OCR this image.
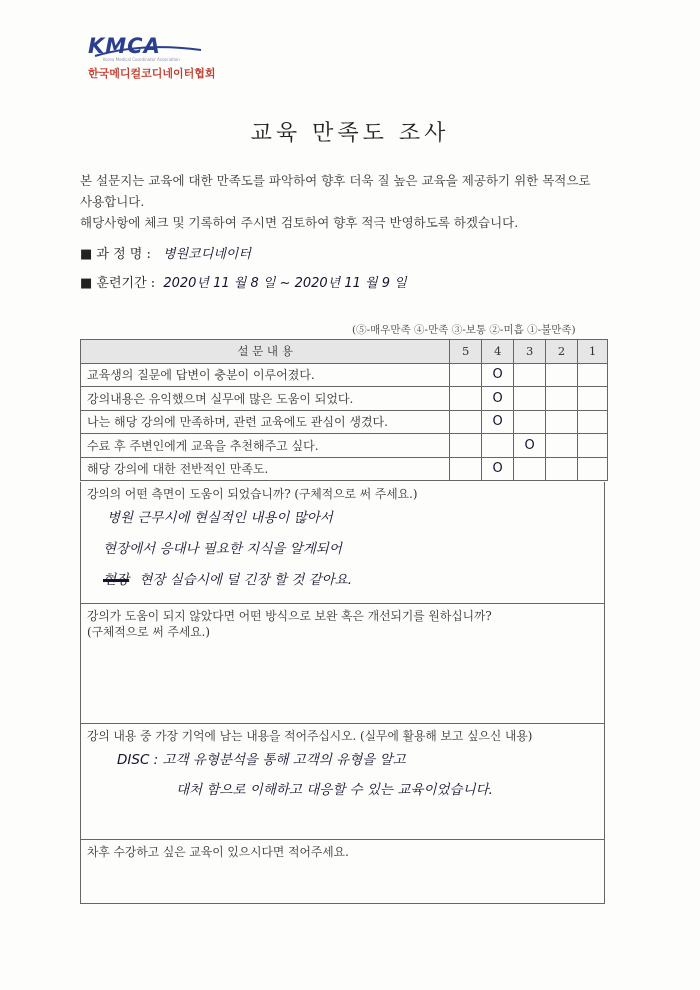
KMCA
Korea Medical Coordinator Association
한국메디컬코디네이터협회
교육 만족도 조사
본 설문지는 교육에 대한 만족도를 파악하여 향후 더욱 질 높은 교육을 제공하기 위한 목적으로
사용합니다.
해당사항에 체크 및 기록하여 주시면 검토하여 향후 적극 반영하도록 하겠습니다.
■ 과 정 명 : 병원코디네이터
■ 훈련기간 : 2020년 11 월 8 일 ~ 2020년 11 월 9 일
(⑤-매우만족 ④-만족 ③-보통 ②-미흡 ①-불만족)
설 문 내 용	5	4	3	2	1
교육생의 질문에 답변이 충분이 이루어졌다.		O			
강의내용은 유익했으며 실무에 많은 도움이 되었다.		O			
나는 해당 강의에 만족하며, 관련 교육에도 관심이 생겼다.		O			
수료 후 주변인에게 교육을 추천해주고 싶다.			O		
해당 강의에 대한 전반적인 만족도.		O			
강의의 어떤 측면이 도움이 되었습니까? (구체적으로 써 주세요.)
병원 근무시에 현실적인 내용이 많아서
현장에서 응대나 필요한 지식을 알게되어
현장 현장 실습시에 덜 긴장 할 것 같아요.
강의가 도움이 되지 않았다면 어떤 방식으로 보완 혹은 개선되기를 원하십니까?
(구체적으로 써 주세요.)
강의 내용 중 가장 기억에 남는 내용을 적어주십시오. (실무에 활용해 보고 싶으신 내용)
DISC : 고객 유형분석을 통해 고객의 유형을 알고
대처 함으로 이해하고 대응할 수 있는 교육이었습니다.
차후 수강하고 싶은 교육이 있으시다면 적어주세요.
